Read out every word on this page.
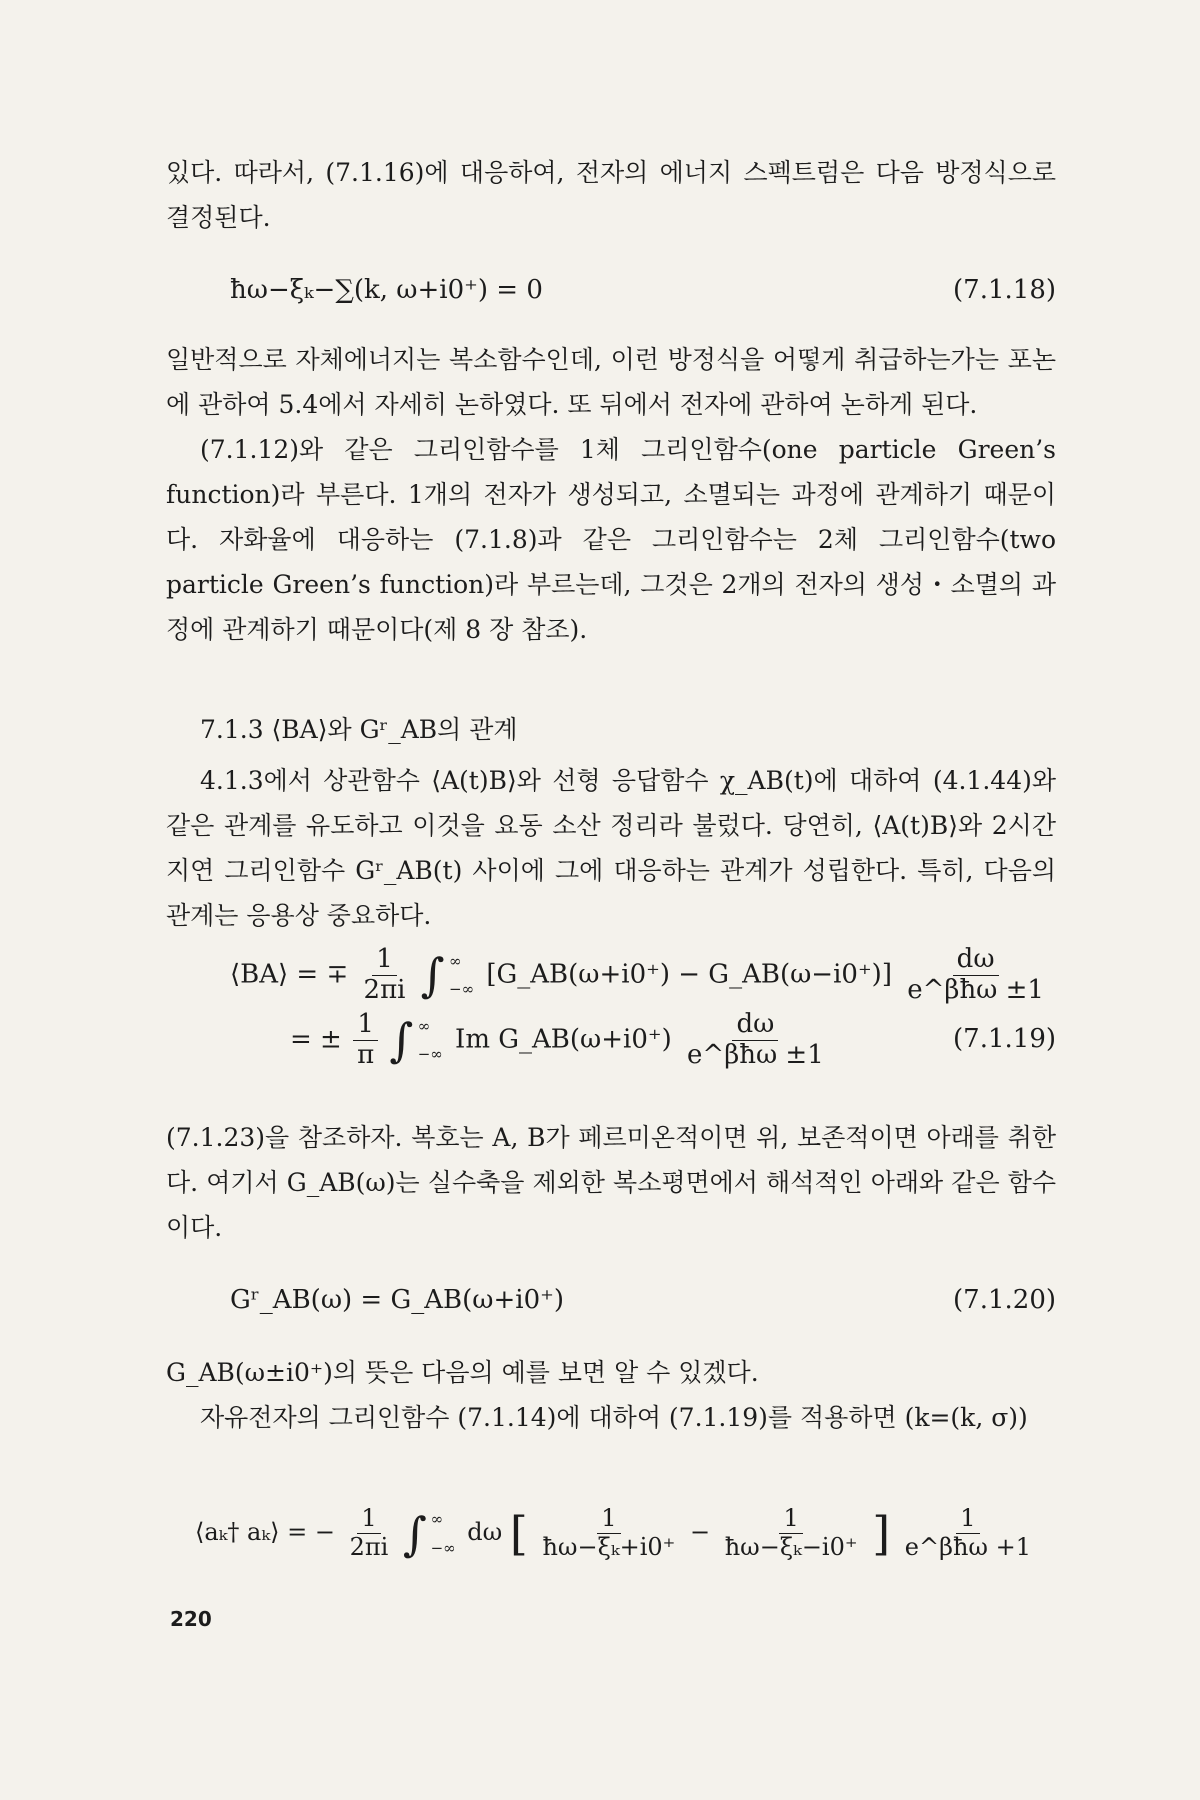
있다. 따라서, (7.1.16)에 대응하여, 전자의 에너지 스펙트럼은 다음 방정식으로 결정된다.

ħω−ξₖ−∑(k, ω+i0⁺) = 0	(7.1.18)

일반적으로 자체에너지는 복소함수인데, 이런 방정식을 어떻게 취급하는가는 포논에 관하여 5.4에서 자세히 논하였다. 또 뒤에서 전자에 관하여 논하게 된다.

(7.1.12)와 같은 그리인함수를 1체 그리인함수(one particle Green’s function)라 부른다. 1개의 전자가 생성되고, 소멸되는 과정에 관계하기 때문이다. 자화율에 대응하는 (7.1.8)과 같은 그리인함수는 2체 그리인함수(two particle Green’s function)라 부르는데, 그것은 2개의 전자의 생성・소멸의 과정에 관계하기 때문이다(제 8 장 참조).

7.1.3 ⟨BA⟩와 Gʳ_AB의 관계

4.1.3에서 상관함수 ⟨A(t)B⟩와 선형 응답함수 χ_AB(t)에 대하여 (4.1.44)와 같은 관계를 유도하고 이것을 요동 소산 정리라 불렀다. 당연히, ⟨A(t)B⟩와 2시간 지연 그리인함수 Gʳ_AB(t) 사이에 그에 대응하는 관계가 성립한다. 특히, 다음의 관계는 응용상 중요하다.

⟨BA⟩ = ∓ $\frac{1}{2\pi i}$ ∫ ∞
−∞ [G_AB(ω+i0⁺) − G_AB(ω−i0⁺)] $\frac{d\omega}{\text{e\textasciicircum{}βħω ±1}}$
= ± $\frac{1}{\pi}$ ∫ ∞
−∞ Im G_AB(ω+i0⁺) $\frac{d\omega}{\text{e\textasciicircum{}βħω ±1}}$	(7.1.19)

(7.1.23)을 참조하자. 복호는 A, B가 페르미온적이면 위, 보존적이면 아래를 취한다. 여기서 G_AB(ω)는 실수축을 제외한 복소평면에서 해석적인 아래와 같은 함수이다.

Gʳ_AB(ω) = G_AB(ω+i0⁺)	(7.1.20)

G_AB(ω±i0⁺)의 뜻은 다음의 예를 보면 알 수 있겠다.

자유전자의 그리인함수 (7.1.14)에 대하여 (7.1.19)를 적용하면 (k=(k, σ))

⟨aₖ† aₖ⟩ = − $\frac{1}{2\pi i}$ ∫ ∞
−∞
dω [ $\frac{1}{\text{ħω−ξₖ+i0⁺}} - \frac{1}{\text{ħω−ξₖ−i0⁺}}$ ] $\frac{1}{\text{e\textasciicircum{}βħω +1}}$
220
